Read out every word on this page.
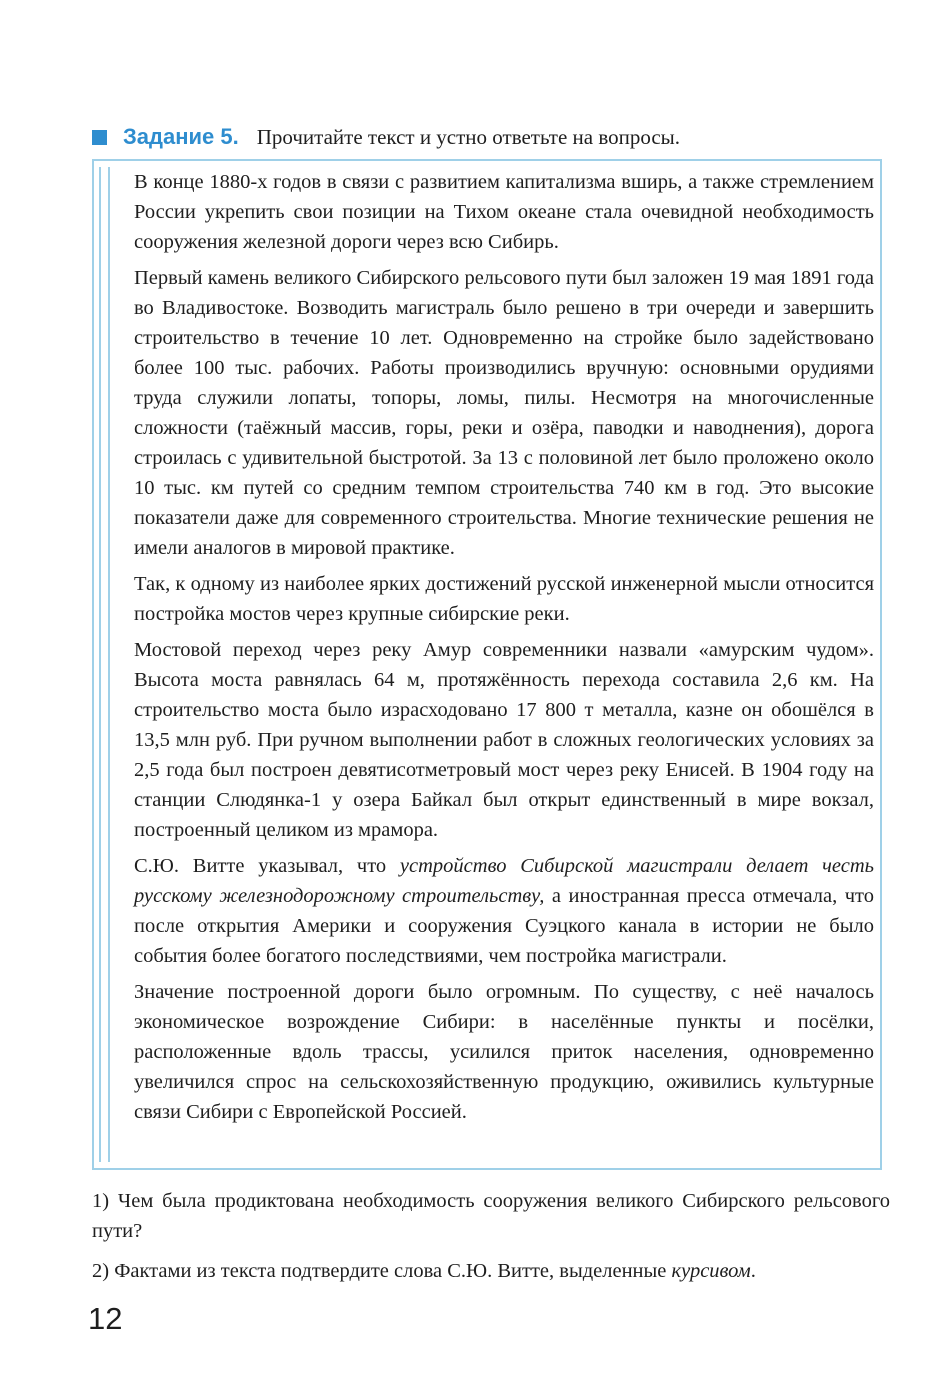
Задание 5. Прочитайте текст и устно ответьте на вопросы.

В конце 1880-х годов в связи с развитием капитализма вширь, а также стремлением России укрепить свои позиции на Тихом океане стала очевидной необходимость сооружения железной дороги через всю Сибирь.

Первый камень великого Сибирского рельсового пути был заложен 19 мая 1891 года во Владивостоке. Возводить магистраль было решено в три очереди и завершить строительство в течение 10 лет. Одновременно на стройке было задействовано более 100 тыс. рабочих. Работы производились вручную: основными орудиями труда служили лопаты, топоры, ломы, пилы. Несмотря на многочисленные сложности (таёжный массив, горы, реки и озёра, паводки и наводнения), дорога строилась с удивительной быстротой. За 13 с половиной лет было проложено около 10 тыс. км путей со средним темпом строительства 740 км в год. Это высокие показатели даже для современного строительства. Многие технические решения не имели аналогов в мировой практике.

Так, к одному из наиболее ярких достижений русской инженерной мысли относится постройка мостов через крупные сибирские реки.

Мостовой переход через реку Амур современники назвали «амурским чудом». Высота моста равнялась 64 м, протяжённость перехода составила 2,6 км. На строительство моста было израсходовано 17 800 т металла, казне он обошёлся в 13,5 млн руб. При ручном выполнении работ в сложных геологических условиях за 2,5 года был построен девятисотметровый мост через реку Енисей. В 1904 году на станции Слюдянка-1 у озера Байкал был открыт единственный в мире вокзал, построенный целиком из мрамора.

С.Ю. Витте указывал, что устройство Сибирской магистрали делает честь русскому железнодорожному строительству, а иностранная пресса отмечала, что после открытия Америки и сооружения Суэцкого канала в истории не было события более богатого последствиями, чем постройка магистрали.

Значение построенной дороги было огромным. По существу, с неё началось экономическое возрождение Сибири: в населённые пункты и посёлки, расположенные вдоль трассы, усилился приток населения, одновременно увеличился спрос на сельскохозяйственную продукцию, оживились культурные связи Сибири с Европейской Россией.

1) Чем была продиктована необходимость сооружения великого Сибирского рельсового пути?

2) Фактами из текста подтвердите слова С.Ю. Витте, выделенные курсивом.

12
